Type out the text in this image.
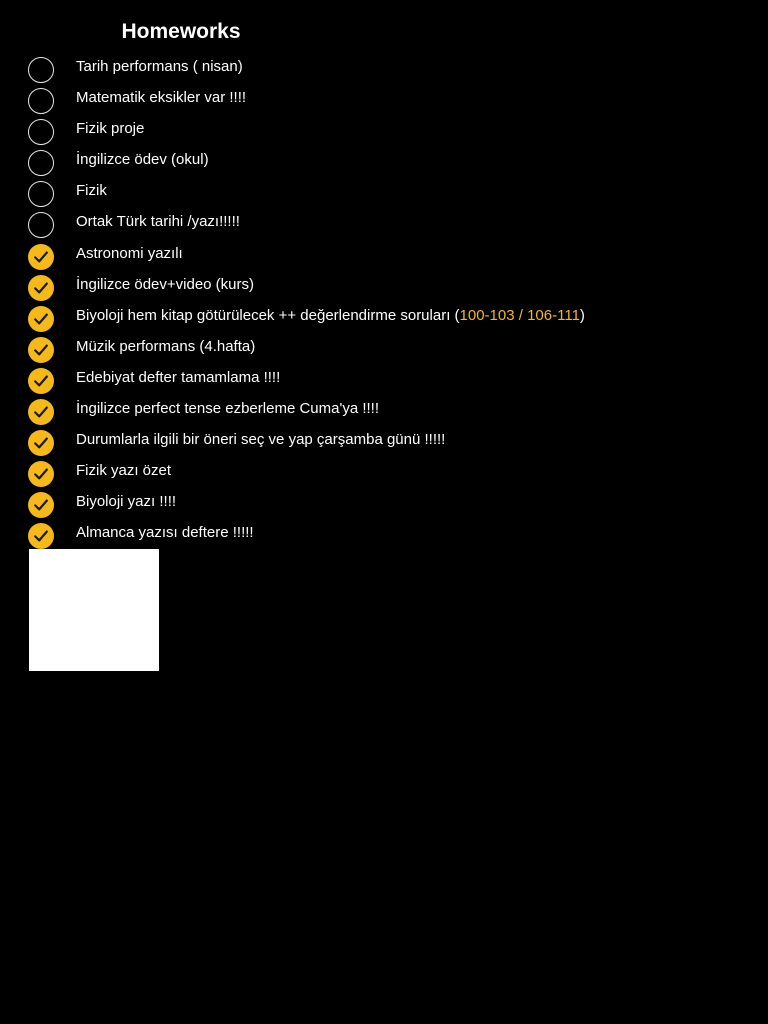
Homeworks
Tarih performans ( nisan)
Matematik eksikler var !!!!
Fizik proje
İngilizce ödev (okul)
Fizik
Ortak Türk tarihi /yazı!!!!!
Astronomi yazılı
İngilizce ödev+video (kurs)
Biyoloji hem kitap götürülecek ++ değerlendirme soruları (100-103 / 106-111)
Müzik performans (4.hafta)
Edebiyat defter tamamlama !!!!
İngilizce perfect tense ezberleme Cuma'ya !!!!
Durumlarla ilgili bir öneri seç ve yap çarşamba günü !!!!!
Fizik yazı özet
Biyoloji yazı !!!!
Almanca yazısı deftere !!!!!
